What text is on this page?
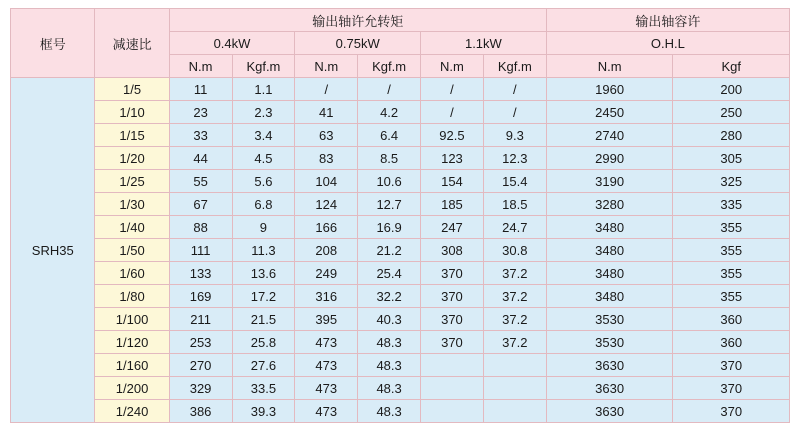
框号	减速比	输出轴许允转矩						输出轴容许	
		0.4kW		0.75kW		1.1kW		O.H.L	
		N.m	Kgf.m	N.m	Kgf.m	N.m	Kgf.m	N.m	Kgf
SRH35	1/5	11	1.1	/	/	/	/	1960	200
	1/10	23	2.3	41	4.2	/	/	2450	250
	1/15	33	3.4	63	6.4	92.5	9.3	2740	280
	1/20	44	4.5	83	8.5	123	12.3	2990	305
	1/25	55	5.6	104	10.6	154	15.4	3190	325
	1/30	67	6.8	124	12.7	185	18.5	3280	335
	1/40	88	9	166	16.9	247	24.7	3480	355
	1/50	111	11.3	208	21.2	308	30.8	3480	355
	1/60	133	13.6	249	25.4	370	37.2	3480	355
	1/80	169	17.2	316	32.2	370	37.2	3480	355
	1/100	211	21.5	395	40.3	370	37.2	3530	360
	1/120	253	25.8	473	48.3	370	37.2	3530	360
	1/160	270	27.6	473	48.3			3630	370
	1/200	329	33.5	473	48.3			3630	370
	1/240	386	39.3	473	48.3			3630	370
